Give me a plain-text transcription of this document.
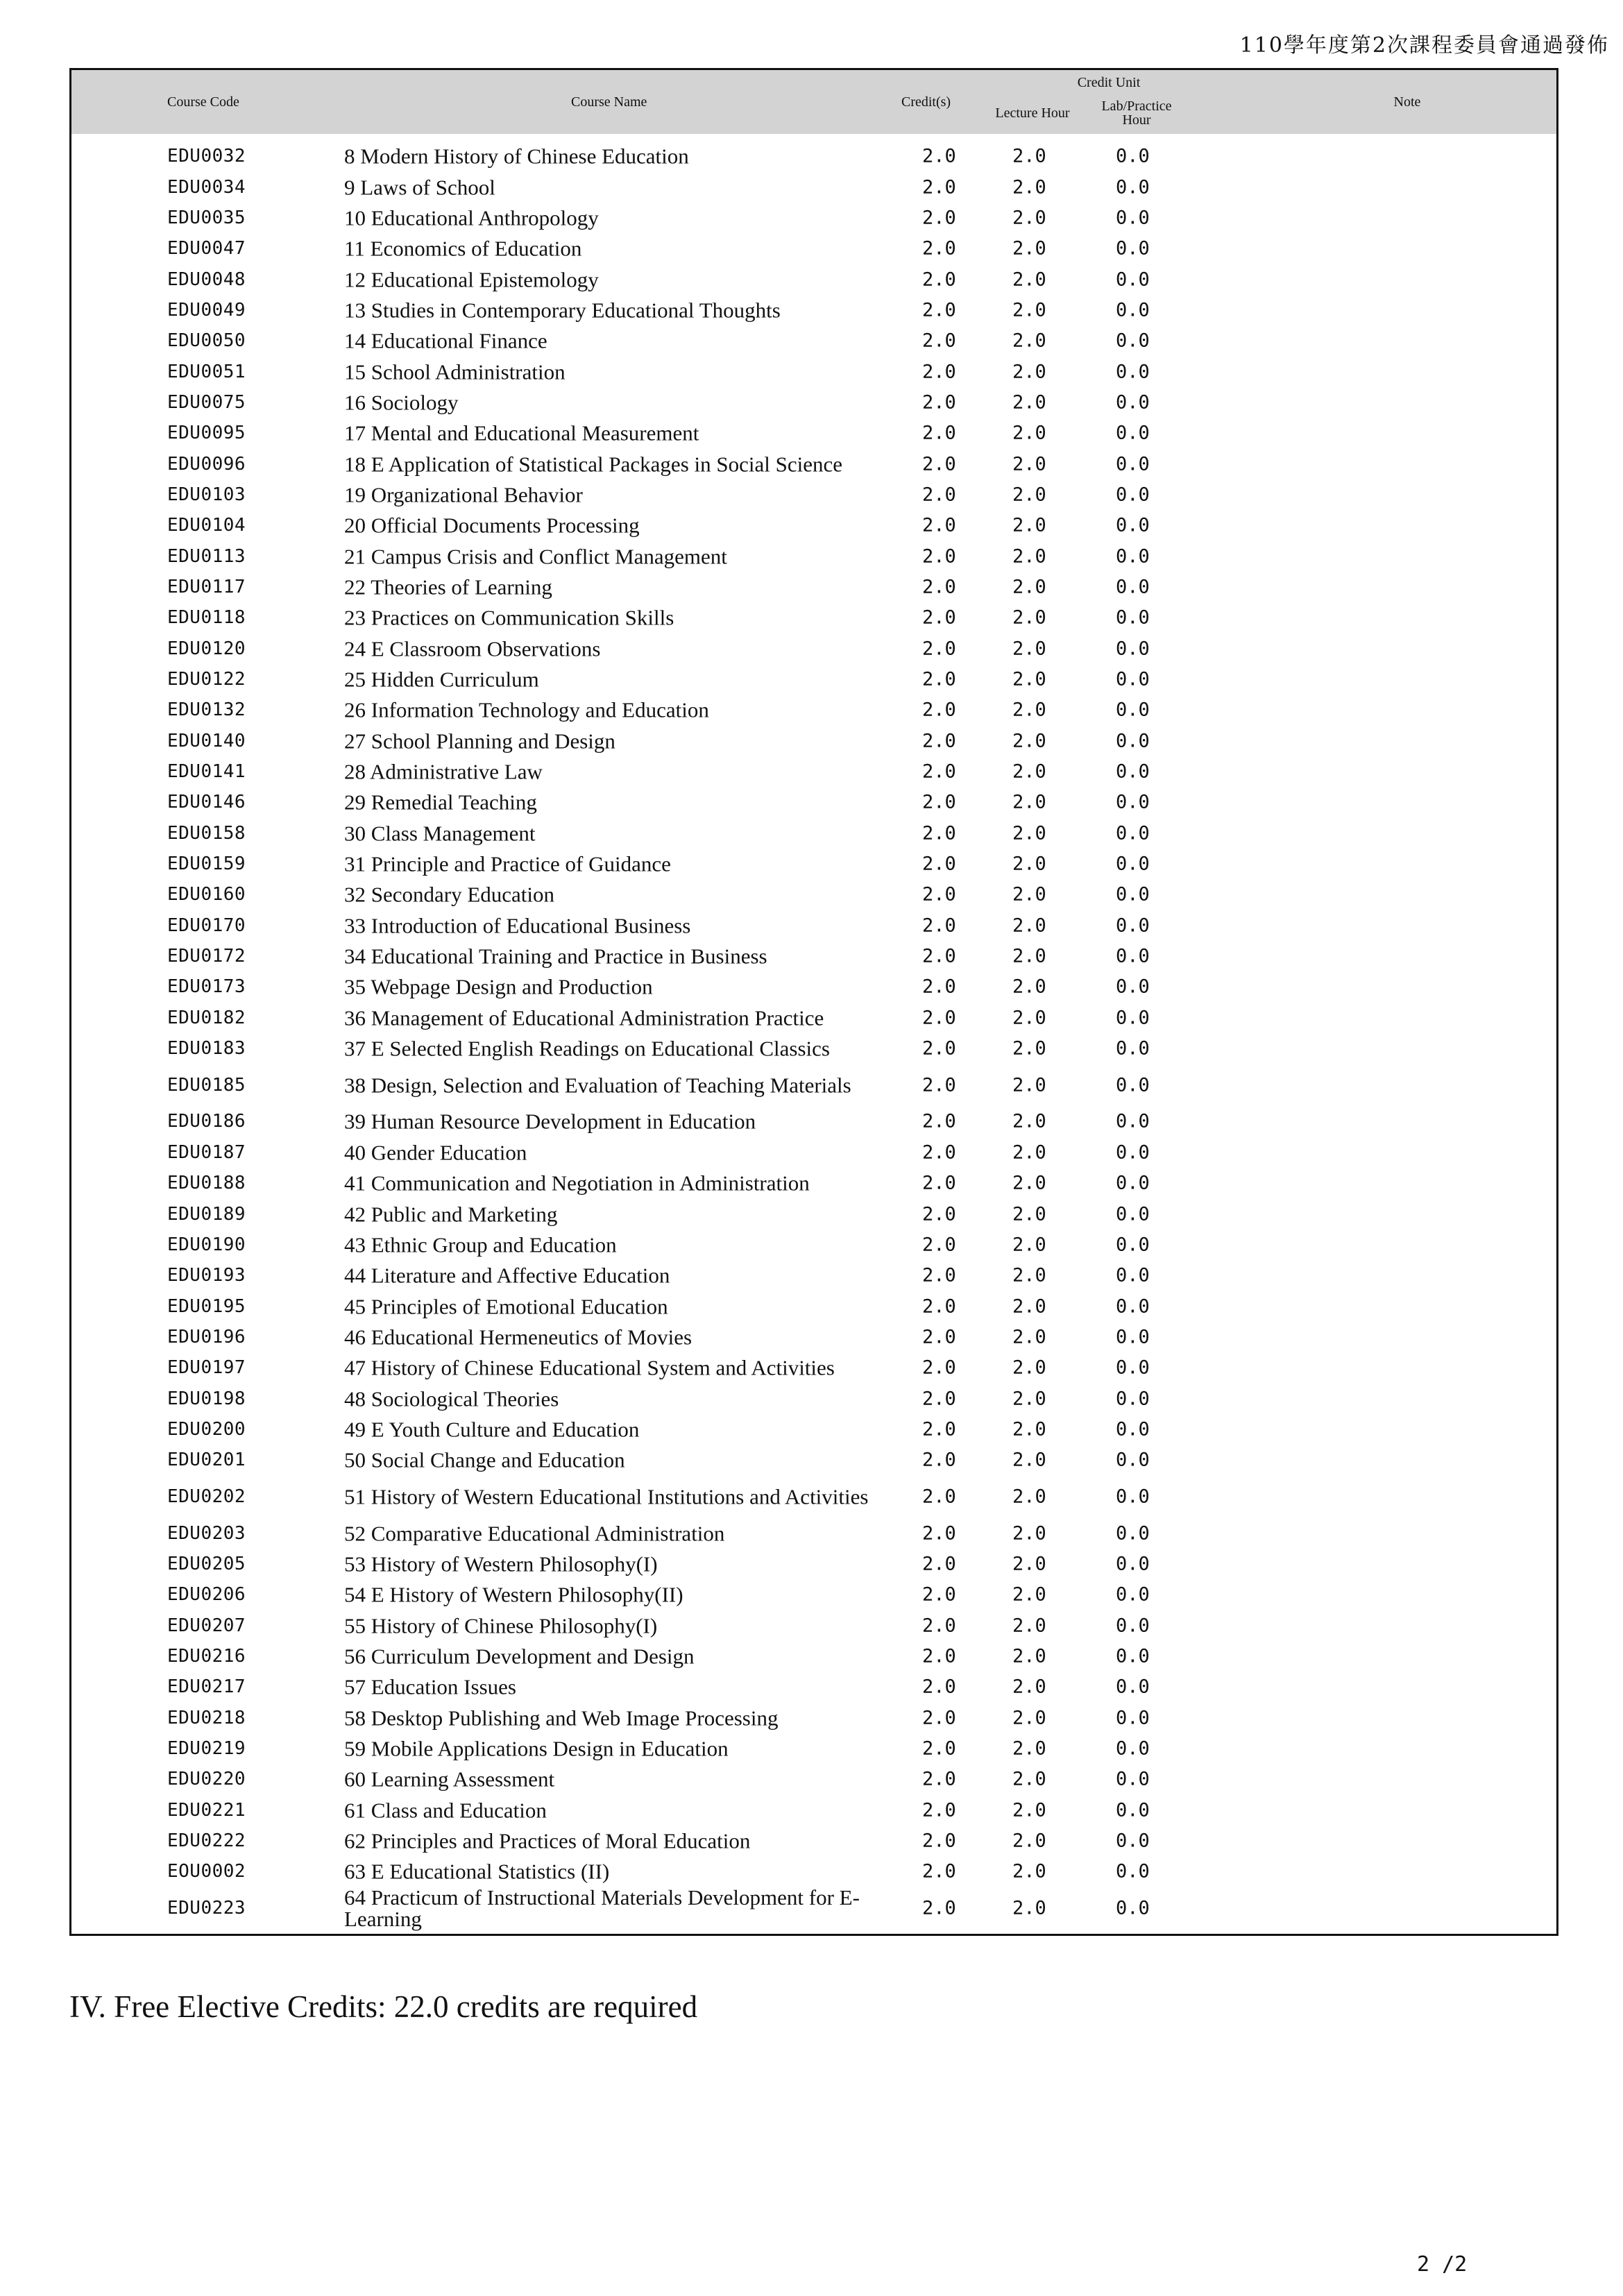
110學年度第2次課程委員會通過發佈
Course Code	Course Name	Credit(s)
Credit Unit
Lecture Hour	Lab/Practice
Hour
Note
EDU0032	8 Modern History of Chinese Education	2.0	2.0	0.0
EDU0034	9 Laws of School	2.0	2.0	0.0
EDU0035	10 Educational Anthropology	2.0	2.0	0.0
EDU0047	11 Economics of Education	2.0	2.0	0.0
EDU0048	12 Educational Epistemology	2.0	2.0	0.0
EDU0049	13 Studies in Contemporary Educational Thoughts	2.0	2.0	0.0
EDU0050	14 Educational Finance	2.0	2.0	0.0
EDU0051	15 School Administration	2.0	2.0	0.0
EDU0075	16 Sociology	2.0	2.0	0.0
EDU0095	17 Mental and Educational Measurement	2.0	2.0	0.0
EDU0096	18 E Application of Statistical Packages in Social Science	2.0	2.0	0.0
EDU0103	19 Organizational Behavior	2.0	2.0	0.0
EDU0104	20 Official Documents Processing	2.0	2.0	0.0
EDU0113	21 Campus Crisis and Conflict Management	2.0	2.0	0.0
EDU0117	22 Theories of Learning	2.0	2.0	0.0
EDU0118	23 Practices on Communication Skills	2.0	2.0	0.0
EDU0120	24 E Classroom Observations	2.0	2.0	0.0
EDU0122	25 Hidden Curriculum	2.0	2.0	0.0
EDU0132	26 Information Technology and Education	2.0	2.0	0.0
EDU0140	27 School Planning and Design	2.0	2.0	0.0
EDU0141	28 Administrative Law	2.0	2.0	0.0
EDU0146	29 Remedial Teaching	2.0	2.0	0.0
EDU0158	30 Class Management	2.0	2.0	0.0
EDU0159	31 Principle and Practice of Guidance	2.0	2.0	0.0
EDU0160	32 Secondary Education	2.0	2.0	0.0
EDU0170	33 Introduction of Educational Business	2.0	2.0	0.0
EDU0172	34 Educational Training and Practice in Business	2.0	2.0	0.0
EDU0173	35 Webpage Design and Production	2.0	2.0	0.0
EDU0182	36 Management of Educational Administration Practice	2.0	2.0	0.0
EDU0183	37 E Selected English Readings on Educational Classics	2.0	2.0	0.0
EDU0185	38 Design, Selection and Evaluation of Teaching Materials	2.0	2.0	0.0
EDU0186	39 Human Resource Development in Education	2.0	2.0	0.0
EDU0187	40 Gender Education	2.0	2.0	0.0
EDU0188	41 Communication and Negotiation in Administration	2.0	2.0	0.0
EDU0189	42 Public and Marketing	2.0	2.0	0.0
EDU0190	43 Ethnic Group and Education	2.0	2.0	0.0
EDU0193	44 Literature and Affective Education	2.0	2.0	0.0
EDU0195	45 Principles of Emotional Education	2.0	2.0	0.0
EDU0196	46 Educational Hermeneutics of Movies	2.0	2.0	0.0
EDU0197	47 History of Chinese Educational System and Activities	2.0	2.0	0.0
EDU0198	48 Sociological Theories	2.0	2.0	0.0
EDU0200	49 E Youth Culture and Education	2.0	2.0	0.0
EDU0201	50 Social Change and Education	2.0	2.0	0.0
EDU0202	51 History of Western Educational Institutions and Activities	2.0	2.0	0.0
EDU0203	52 Comparative Educational Administration	2.0	2.0	0.0
EDU0205	53 History of Western Philosophy(I)	2.0	2.0	0.0
EDU0206	54 E History of Western Philosophy(II)	2.0	2.0	0.0
EDU0207	55 History of Chinese Philosophy(I)	2.0	2.0	0.0
EDU0216	56 Curriculum Development and Design	2.0	2.0	0.0
EDU0217	57 Education Issues	2.0	2.0	0.0
EDU0218	58 Desktop Publishing and Web Image Processing	2.0	2.0	0.0
EDU0219	59 Mobile Applications Design in Education	2.0	2.0	0.0
EDU0220	60 Learning Assessment	2.0	2.0	0.0
EDU0221	61 Class and Education	2.0	2.0	0.0
EDU0222	62 Principles and Practices of Moral Education	2.0	2.0	0.0
EOU0002	63 E Educational Statistics (II)	2.0	2.0	0.0
EDU0223	64 Practicum of Instructional Materials Development for E-Learning	2.0	2.0	0.0
IV. Free Elective Credits: 22.0 credits are required
2 /2
